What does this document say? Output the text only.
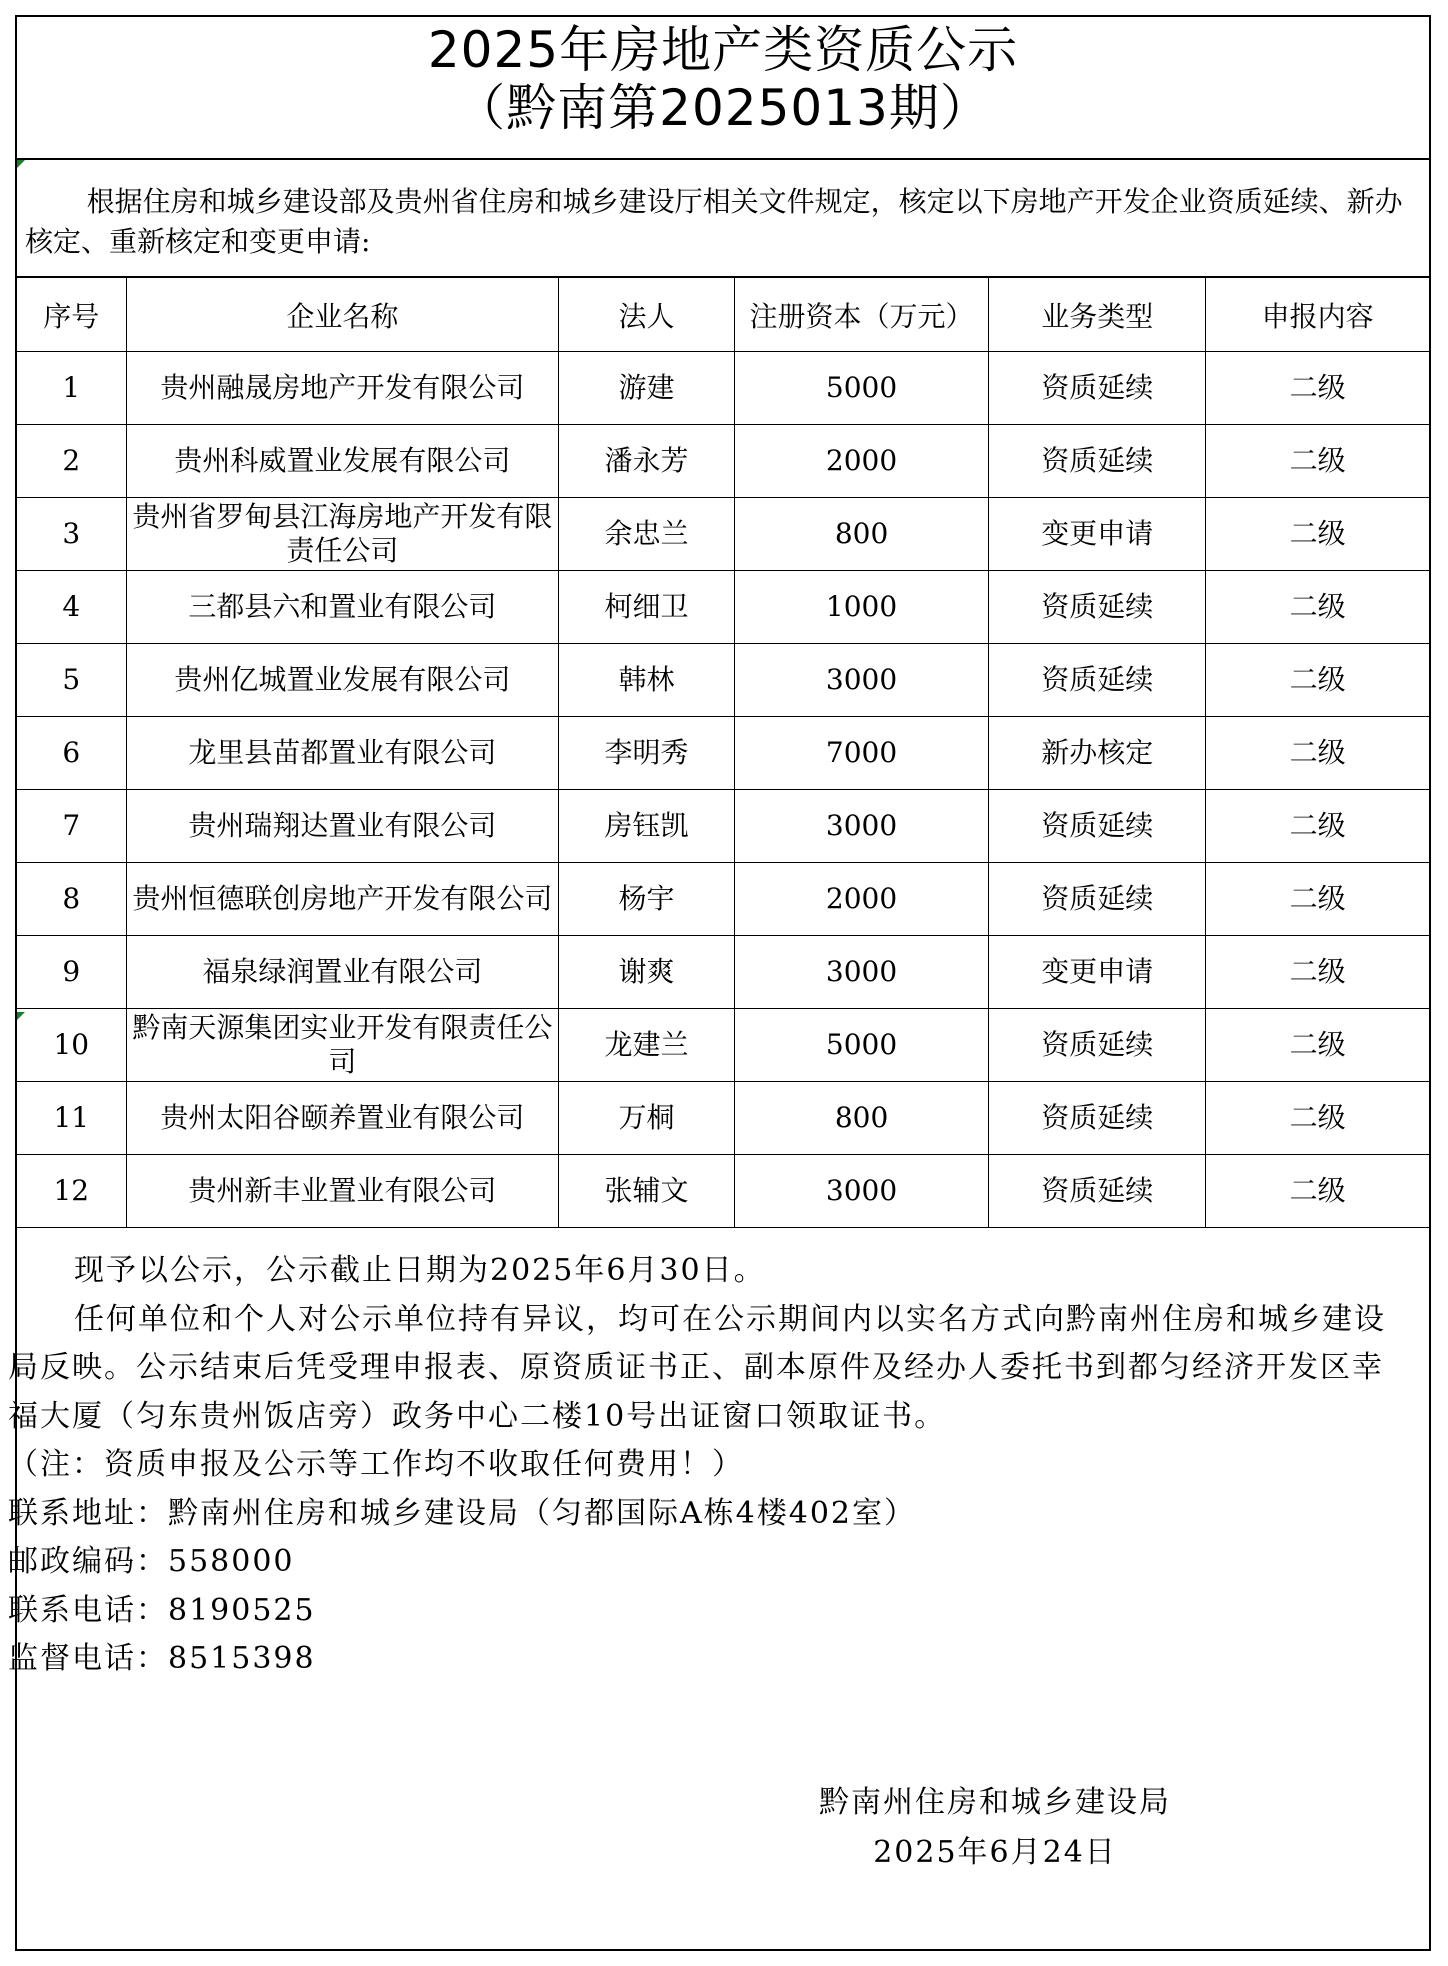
2025年房地产类资质公示
（黔南第2025013期）
根据住房和城乡建设部及贵州省住房和城乡建设厅相关文件规定，核定以下房地产开发企业资质延续、新办核定、重新核定和变更申请:
序号	企业名称	法人	注册资本（万元）	业务类型	申报内容
1	贵州融晟房地产开发有限公司	游建	5000	资质延续	二级
2	贵州科威置业发展有限公司	潘永芳	2000	资质延续	二级
3	贵州省罗甸县江海房地产开发有限责任公司	余忠兰	800	变更申请	二级
4	三都县六和置业有限公司	柯细卫	1000	资质延续	二级
5	贵州亿城置业发展有限公司	韩林	3000	资质延续	二级
6	龙里县苗都置业有限公司	李明秀	7000	新办核定	二级
7	贵州瑞翔达置业有限公司	房钰凯	3000	资质延续	二级
8	贵州恒德联创房地产开发有限公司	杨宇	2000	资质延续	二级
9	福泉绿润置业有限公司	谢爽	3000	变更申请	二级
10	黔南天源集团实业开发有限责任公司	龙建兰	5000	资质延续	二级
11	贵州太阳谷颐养置业有限公司	万桐	800	资质延续	二级
12	贵州新丰业置业有限公司	张辅文	3000	资质延续	二级

现予以公示，公示截止日期为2025年6月30日。

任何单位和个人对公示单位持有异议，均可在公示期间内以实名方式向黔南州住房和城乡建设局反映。公示结束后凭受理申报表、原资质证书正、副本原件及经办人委托书到都匀经济开发区幸福大厦（匀东贵州饭店旁）政务中心二楼10号出证窗口领取证书。

（注：资质申报及公示等工作均不收取任何费用！）

联系地址：黔南州住房和城乡建设局（匀都国际A栋4楼402室）

邮政编码：558000

联系电话：8190525

监督电话：8515398

黔南州住房和城乡建设局
2025年6月24日
